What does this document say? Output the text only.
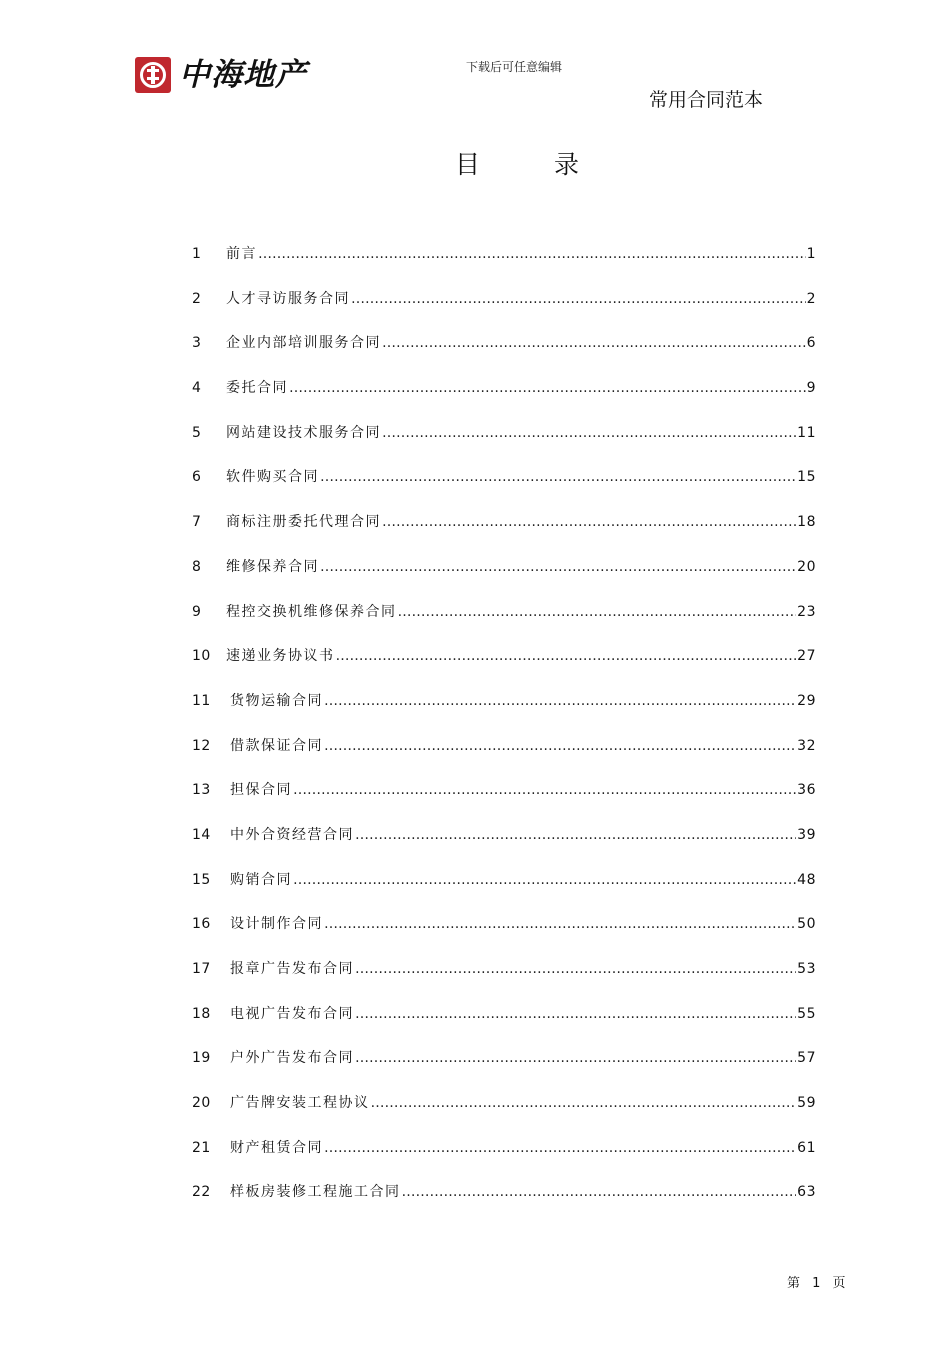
中海地产	下载后可任意编辑
常用合同范本
目	录
1	前言 …………………………………………………………………………………………………………………………………………………………………………………	1
2	人才寻访服务合同 …………………………………………………………………………………………………………………………………………………………………………………	2
3	企业内部培训服务合同 …………………………………………………………………………………………………………………………………………………………………………………	6
4	委托合同 …………………………………………………………………………………………………………………………………………………………………………………	9
5	网站建设技术服务合同 …………………………………………………………………………………………………………………………………………………………………………………	11
6	软件购买合同 …………………………………………………………………………………………………………………………………………………………………………………	15
7	商标注册委托代理合同 …………………………………………………………………………………………………………………………………………………………………………………	18
8	维修保养合同 …………………………………………………………………………………………………………………………………………………………………………………	20
9	程控交换机维修保养合同 …………………………………………………………………………………………………………………………………………………………………………………	23
10	速递业务协议书 …………………………………………………………………………………………………………………………………………………………………………………	27
11	货物运输合同 …………………………………………………………………………………………………………………………………………………………………………………	29
12	借款保证合同 …………………………………………………………………………………………………………………………………………………………………………………	32
13	担保合同 …………………………………………………………………………………………………………………………………………………………………………………	36
14	中外合资经营合同 …………………………………………………………………………………………………………………………………………………………………………………	39
15	购销合同 …………………………………………………………………………………………………………………………………………………………………………………	48
16	设计制作合同 …………………………………………………………………………………………………………………………………………………………………………………	50
17	报章广告发布合同 …………………………………………………………………………………………………………………………………………………………………………………	53
18	电视广告发布合同 …………………………………………………………………………………………………………………………………………………………………………………	55
19	户外广告发布合同 …………………………………………………………………………………………………………………………………………………………………………………	57
20	广告牌安装工程协议 …………………………………………………………………………………………………………………………………………………………………………………	59
21	财产租赁合同 …………………………………………………………………………………………………………………………………………………………………………………	61
22	样板房装修工程施工合同 …………………………………………………………………………………………………………………………………………………………………………………	63
第 1 页
